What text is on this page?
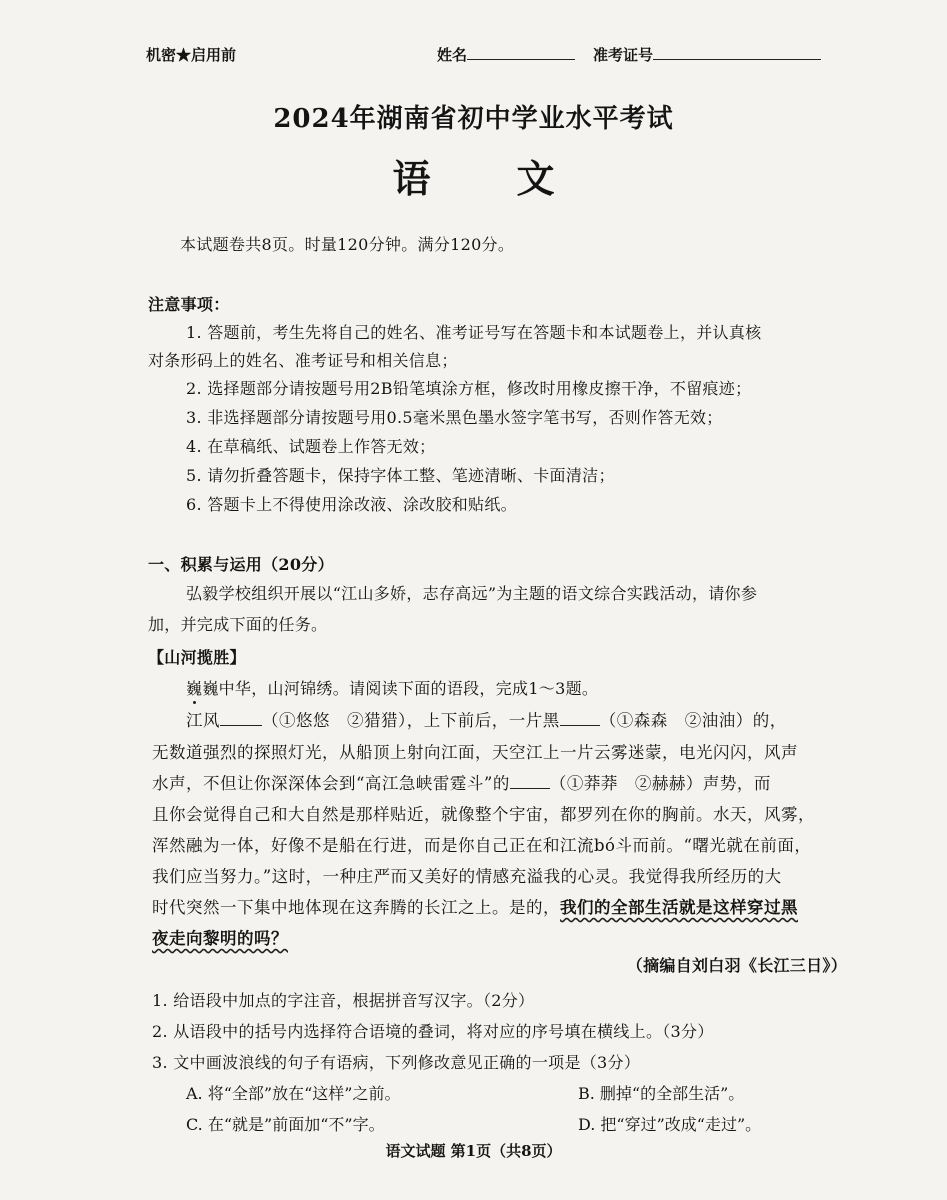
机密★启用前	姓名	准考证号
2024年湖南省初中学业水平考试
语 文
本试题卷共8页。时量120分钟。满分120分。
注意事项：
1. 答题前，考生先将自己的姓名、准考证号写在答题卡和本试题卷上，并认真核
对条形码上的姓名、准考证号和相关信息；
2. 选择题部分请按题号用2B铅笔填涂方框，修改时用橡皮擦干净，不留痕迹；
3. 非选择题部分请按题号用0.5毫米黑色墨水签字笔书写，否则作答无效；
4. 在草稿纸、试题卷上作答无效；
5. 请勿折叠答题卡，保持字体工整、笔迹清晰、卡面清洁；
6. 答题卡上不得使用涂改液、涂改胶和贴纸。
一、积累与运用（20分）
弘毅学校组织开展以“江山多娇，志存高远”为主题的语文综合实践活动，请你参
加，并完成下面的任务。
【山河揽胜】
巍巍中华，山河锦绣。请阅读下面的语段，完成1～3题。
江风	（①悠悠　②猎猎），上下前后，一片黑 （①森森　②油油）的，
无数道强烈的探照灯光，从船顶上射向江面，天空江上一片云雾迷蒙，电光闪闪，风声
水声，不但让你深深体会到“高江急峡雷霆斗”的 （①莽莽　②赫赫）声势，而
且你会觉得自己和大自然是那样贴近，就像整个宇宙，都罗列在你的胸前。水天，风雾，
浑然融为一体，好像不是船在行进，而是你自己正在和江流bó斗而前。“曙光就在前面，
我们应当努力。”这时，一种庄严而又美好的情感充溢我的心灵。我觉得我所经历的大
时代突然一下集中地体现在这奔腾的长江之上。是的，我们的全部生活就是这样穿过黑
夜走向黎明的吗？
（摘编自刘白羽《长江三日》）
1. 给语段中加点的字注音，根据拼音写汉字。（2分）
2. 从语段中的括号内选择符合语境的叠词，将对应的序号填在横线上。（3分）
3. 文中画波浪线的句子有语病，下列修改意见正确的一项是（3分）
A. 将“全部”放在“这样”之前。	B. 删掉“的全部生活”。
C. 在“就是”前面加“不”字。	D. 把“穿过”改成“走过”。
语文试题 第1页（共8页）
